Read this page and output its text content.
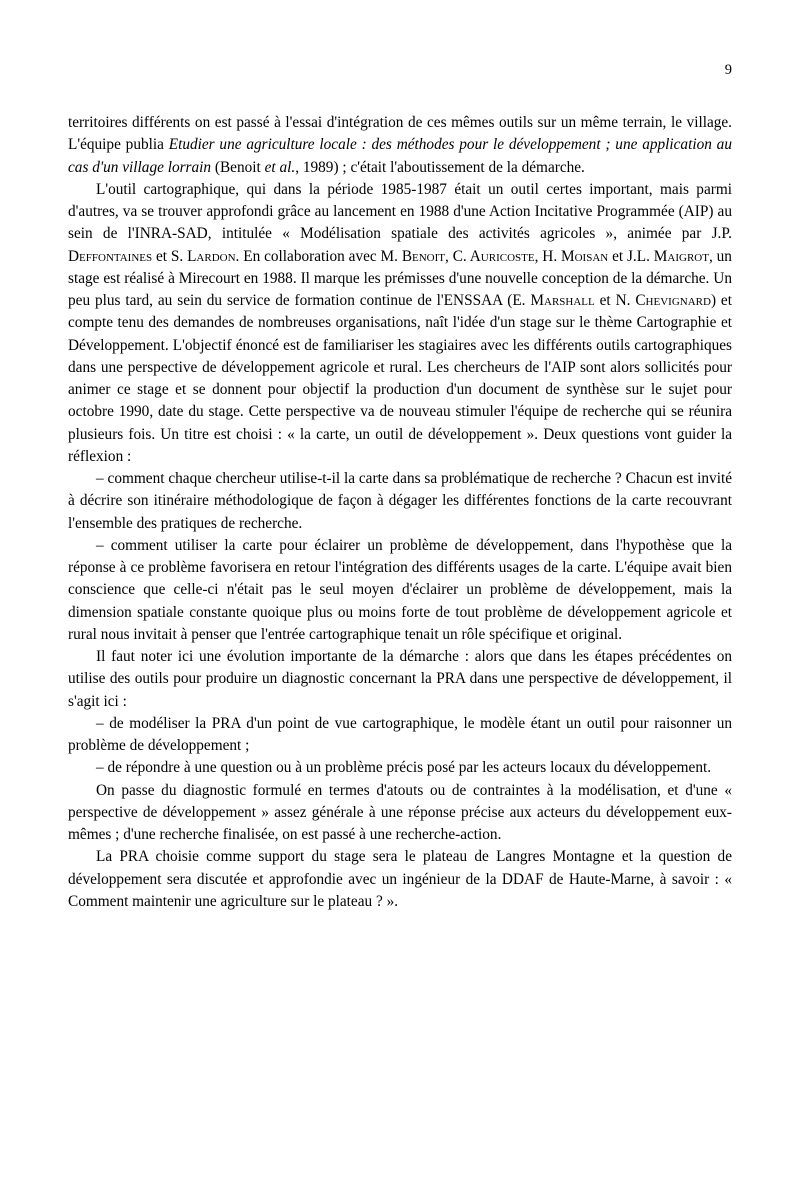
9

territoires différents on est passé à l'essai d'intégration de ces mêmes outils sur un même terrain, le village. L'équipe publia Etudier une agriculture locale : des méthodes pour le développement ; une application au cas d'un village lorrain (Benoit et al., 1989) ; c'était l'aboutissement de la démarche.

L'outil cartographique, qui dans la période 1985-1987 était un outil certes important, mais parmi d'autres, va se trouver approfondi grâce au lancement en 1988 d'une Action Incitative Programmée (AIP) au sein de l'INRA-SAD, intitulée « Modélisation spatiale des activités agricoles », animée par J.P. Deffontaines et S. Lardon. En collaboration avec M. Benoit, C. Auricoste, H. Moisan et J.L. Maigrot, un stage est réalisé à Mirecourt en 1988. Il marque les prémisses d'une nouvelle conception de la démarche. Un peu plus tard, au sein du service de formation continue de l'ENSSAA (E. Marshall et N. Chevignard) et compte tenu des demandes de nombreuses organisations, naît l'idée d'un stage sur le thème Cartographie et Développement. L'objectif énoncé est de familiariser les stagiaires avec les différents outils cartographiques dans une perspective de développement agricole et rural. Les chercheurs de l'AIP sont alors sollicités pour animer ce stage et se donnent pour objectif la production d'un document de synthèse sur le sujet pour octobre 1990, date du stage. Cette perspective va de nouveau stimuler l'équipe de recherche qui se réunira plusieurs fois. Un titre est choisi : « la carte, un outil de développement ». Deux questions vont guider la réflexion :

– comment chaque chercheur utilise-t-il la carte dans sa problématique de recherche ? Chacun est invité à décrire son itinéraire méthodologique de façon à dégager les différentes fonctions de la carte recouvrant l'ensemble des pratiques de recherche.

– comment utiliser la carte pour éclairer un problème de développement, dans l'hypothèse que la réponse à ce problème favorisera en retour l'intégration des différents usages de la carte. L'équipe avait bien conscience que celle-ci n'était pas le seul moyen d'éclairer un problème de développement, mais la dimension spatiale constante quoique plus ou moins forte de tout problème de développement agricole et rural nous invitait à penser que l'entrée cartographique tenait un rôle spécifique et original.

Il faut noter ici une évolution importante de la démarche : alors que dans les étapes précédentes on utilise des outils pour produire un diagnostic concernant la PRA dans une perspective de développement, il s'agit ici :

– de modéliser la PRA d'un point de vue cartographique, le modèle étant un outil pour raisonner un problème de développement ;

– de répondre à une question ou à un problème précis posé par les acteurs locaux du développement.

On passe du diagnostic formulé en termes d'atouts ou de contraintes à la modélisation, et d'une « perspective de développement » assez générale à une réponse précise aux acteurs du développement eux-mêmes ; d'une recherche finalisée, on est passé à une recherche-action.

La PRA choisie comme support du stage sera le plateau de Langres Montagne et la question de développement sera discutée et approfondie avec un ingénieur de la DDAF de Haute-Marne, à savoir : « Comment maintenir une agriculture sur le plateau ? ».
